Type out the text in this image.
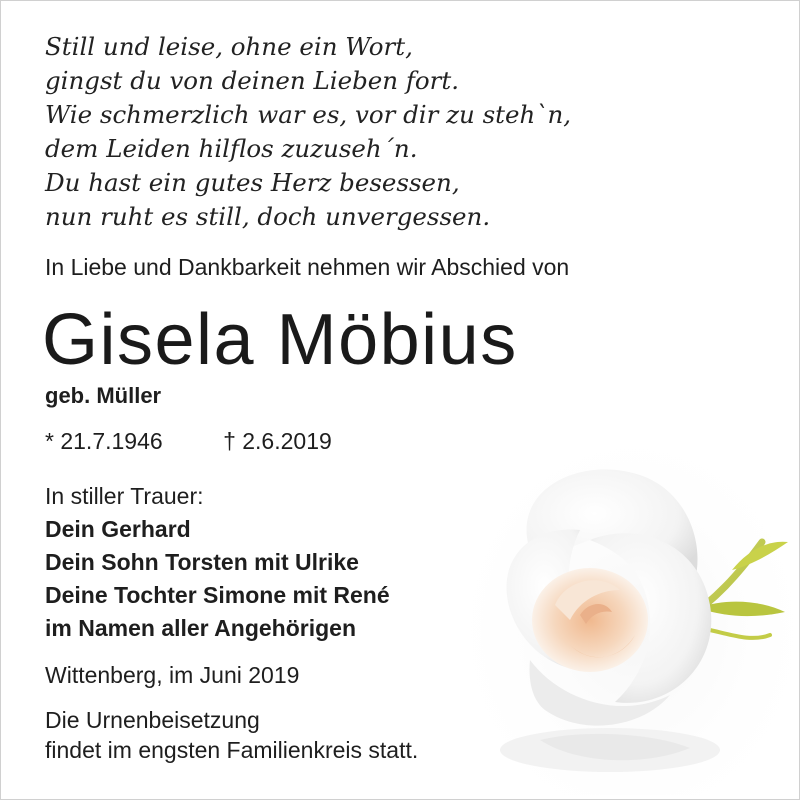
Still und leise, ohne ein Wort,
gingst du von deinen Lieben fort.
Wie schmerzlich war es, vor dir zu steh`n,
dem Leiden hilflos zuzuseh´n.
Du hast ein gutes Herz besessen,
nun ruht es still, doch unvergessen.
In Liebe und Dankbarkeit nehmen wir Abschied von
Gisela Möbius
geb. Müller
* 21.7.1946	† 2.6.2019
In stiller Trauer:
Dein Gerhard
Dein Sohn Torsten mit Ulrike
Deine Tochter Simone mit René
im Namen aller Angehörigen
Wittenberg, im Juni 2019
Die Urnenbeisetzung
findet im engsten Familienkreis statt.
